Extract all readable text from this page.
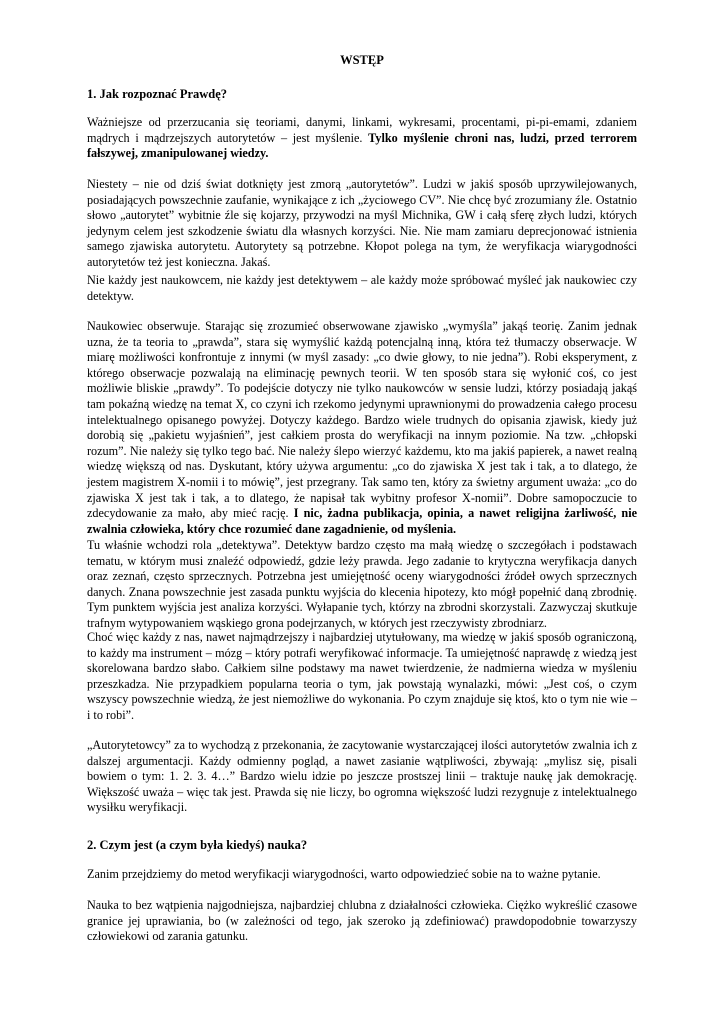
WSTĘP
1. Jak rozpoznać Prawdę?

Ważniejsze od przerzucania się teoriami, danymi, linkami, wykresami, procentami, pi-pi-emami, zdaniem mądrych i mądrzejszych autorytetów – jest myślenie. Tylko myślenie chroni nas, ludzi, przed terrorem fałszywej, zmanipulowanej wiedzy.

Niestety – nie od dziś świat dotknięty jest zmorą „autorytetów”. Ludzi w jakiś sposób uprzywilejowanych, posiadających powszechnie zaufanie, wynikające z ich „życiowego CV”. Nie chcę być zrozumiany źle. Ostatnio słowo „autorytet” wybitnie źle się kojarzy, przywodzi na myśl Michnika, GW i całą sferę złych ludzi, których jedynym celem jest szkodzenie światu dla własnych korzyści. Nie. Nie mam zamiaru deprecjonować istnienia samego zjawiska autorytetu. Autorytety są potrzebne. Kłopot polega na tym, że weryfikacja wiarygodności autorytetów też jest konieczna. Jakaś.

Nie każdy jest naukowcem, nie każdy jest detektywem – ale każdy może spróbować myśleć jak naukowiec czy detektyw.

Naukowiec obserwuje. Starając się zrozumieć obserwowane zjawisko „wymyśla” jakąś teorię. Zanim jednak uzna, że ta teoria to „prawda”, stara się wymyślić każdą potencjalną inną, która też tłumaczy obserwacje. W miarę możliwości konfrontuje z innymi (w myśl zasady: „co dwie głowy, to nie jedna”). Robi eksperyment, z którego obserwacje pozwalają na eliminację pewnych teorii. W ten sposób stara się wyłonić coś, co jest możliwie bliskie „prawdy”. To podejście dotyczy nie tylko naukowców w sensie ludzi, którzy posiadają jakąś tam pokaźną wiedzę na temat X, co czyni ich rzekomo jedynymi uprawnionymi do prowadzenia całego procesu intelektualnego opisanego powyżej. Dotyczy każdego. Bardzo wiele trudnych do opisania zjawisk, kiedy już dorobią się „pakietu wyjaśnień”, jest całkiem prosta do weryfikacji na innym poziomie. Na tzw. „chłopski rozum”. Nie należy się tylko tego bać. Nie należy ślepo wierzyć każdemu, kto ma jakiś papierek, a nawet realną wiedzę większą od nas. Dyskutant, który używa argumentu: „co do zjawiska X jest tak i tak, a to dlatego, że jestem magistrem X-nomii i to mówię”, jest przegrany. Tak samo ten, który za świetny argument uważa: „co do zjawiska X jest tak i tak, a to dlatego, że napisał tak wybitny profesor X-nomii”. Dobre samopoczucie to zdecydowanie za mało, aby mieć rację. I nic, żadna publikacja, opinia, a nawet religijna żarliwość, nie zwalnia człowieka, który chce rozumieć dane zagadnienie, od myślenia.

Tu właśnie wchodzi rola „detektywa”. Detektyw bardzo często ma małą wiedzę o szczegółach i podstawach tematu, w którym musi znaleźć odpowiedź, gdzie leży prawda. Jego zadanie to krytyczna weryfikacja danych oraz zeznań, często sprzecznych. Potrzebna jest umiejętność oceny wiarygodności źródeł owych sprzecznych danych. Znana powszechnie jest zasada punktu wyjścia do klecenia hipotezy, kto mógł popełnić daną zbrodnię. Tym punktem wyjścia jest analiza korzyści. Wyłapanie tych, którzy na zbrodni skorzystali. Zazwyczaj skutkuje trafnym wytypowaniem wąskiego grona podejrzanych, w których jest rzeczywisty zbrodniarz.

Choć więc każdy z nas, nawet najmądrzejszy i najbardziej utytułowany, ma wiedzę w jakiś sposób ograniczoną, to każdy ma instrument – mózg – który potrafi weryfikować informacje. Ta umiejętność naprawdę z wiedzą jest skorelowana bardzo słabo. Całkiem silne podstawy ma nawet twierdzenie, że nadmierna wiedza w myśleniu przeszkadza. Nie przypadkiem popularna teoria o tym, jak powstają wynalazki, mówi: „Jest coś, o czym wszyscy powszechnie wiedzą, że jest niemożliwe do wykonania. Po czym znajduje się ktoś, kto o tym nie wie – i to robi”.

„Autorytetowcy” za to wychodzą z przekonania, że zacytowanie wystarczającej ilości autorytetów zwalnia ich z dalszej argumentacji. Każdy odmienny pogląd, a nawet zasianie wątpliwości, zbywają: „mylisz się, pisali bowiem o tym: 1. 2. 3. 4…” Bardzo wielu idzie po jeszcze prostszej linii – traktuje naukę jak demokrację. Większość uważa – więc tak jest. Prawda się nie liczy, bo ogromna większość ludzi rezygnuje z intelektualnego wysiłku weryfikacji.

2. Czym jest (a czym była kiedyś) nauka?

Zanim przejdziemy do metod weryfikacji wiarygodności, warto odpowiedzieć sobie na to ważne pytanie.

Nauka to bez wątpienia najgodniejsza, najbardziej chlubna z działalności człowieka. Ciężko wykreślić czasowe granice jej uprawiania, bo (w zależności od tego, jak szeroko ją zdefiniować) prawdopodobnie towarzyszy człowiekowi od zarania gatunku.
